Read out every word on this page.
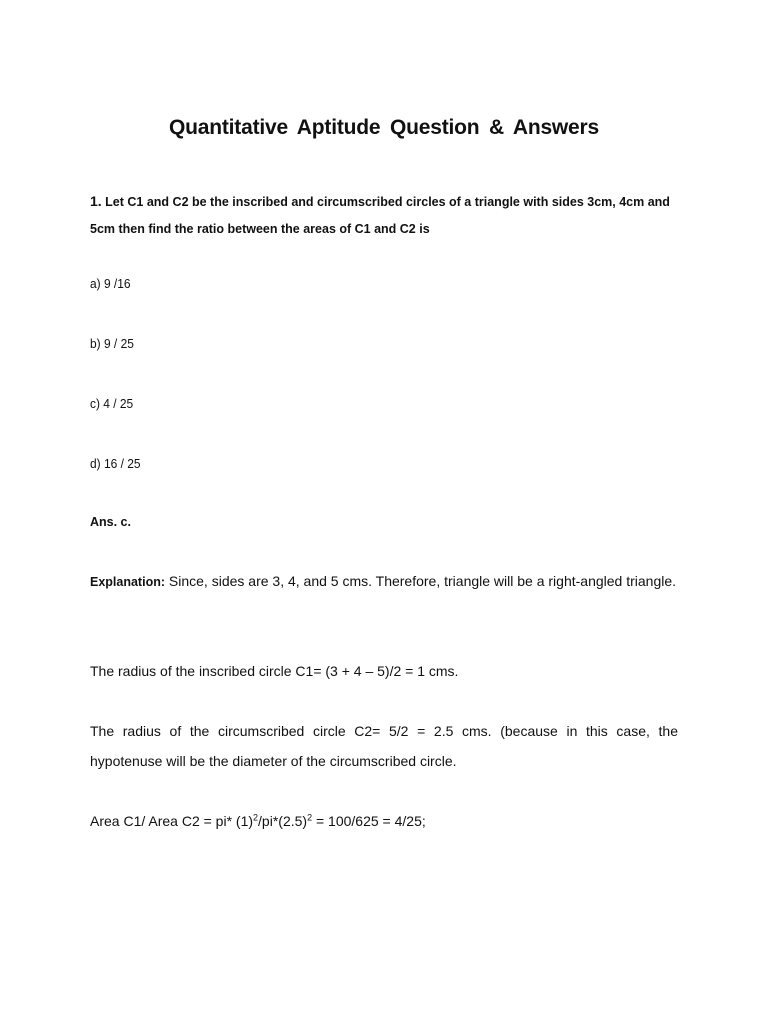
Quantitative Aptitude Question & Answers
1. Let C1 and C2 be the inscribed and circumscribed circles of a triangle with sides 3cm, 4cm and 5cm then find the ratio between the areas of C1 and C2 is
a) 9 /16
b) 9 / 25
c) 4 / 25
d) 16 / 25
Ans. c.
Explanation: Since, sides are 3, 4, and 5 cms. Therefore, triangle will be a right-angled triangle.
The radius of the inscribed circle C1= (3 + 4 – 5)/2 = 1 cms.
The radius of the circumscribed circle C2= 5/2 = 2.5 cms. (because in this case, the hypotenuse will be the diameter of the circumscribed circle.
Area C1/ Area C2 = pi* $(1)^2/pi*(2.5)^2 = 100/625 = 4/25$;
